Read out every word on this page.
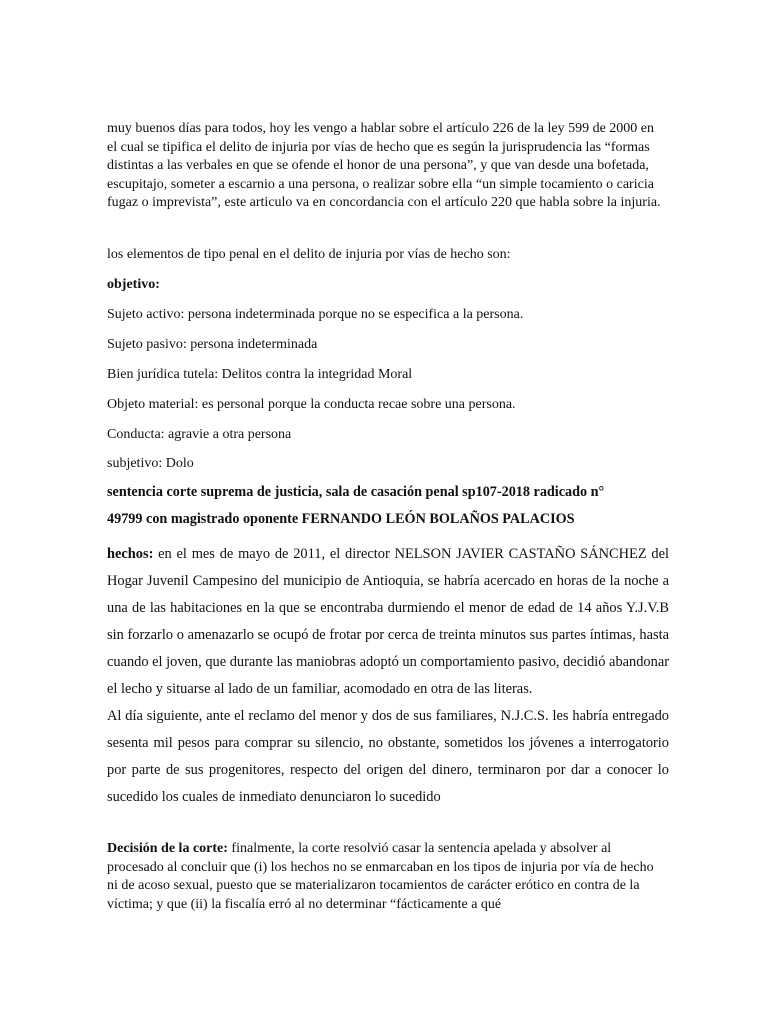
muy buenos días para todos, hoy les vengo a hablar sobre el artículo 226 de la ley 599 de 2000 en el cual se tipifica el delito de injuria por vías de hecho que es según la jurisprudencia las “formas distintas a las verbales en que se ofende el honor de una persona”, y que van desde una bofetada, escupitajo, someter a escarnio a una persona, o realizar sobre ella “un simple tocamiento o caricia fugaz o imprevista”, este articulo va en concordancia con el artículo 220 que habla sobre la injuria.

los elementos de tipo penal en el delito de injuria por vías de hecho son:

objetivo:

Sujeto activo: persona indeterminada porque no se especifica a la persona.

Sujeto pasivo: persona indeterminada

Bien jurídica tutela: Delitos contra la integridad Moral

Objeto material: es personal porque la conducta recae sobre una persona.

Conducta: agravie a otra persona

subjetivo: Dolo

sentencia corte suprema de justicia, sala de casación penal sp107-2018 radicado n°

49799 con magistrado oponente FERNANDO LEÓN BOLAÑOS PALACIOS

hechos: en el mes de mayo de 2011, el director NELSON JAVIER CASTAÑO SÁNCHEZ del Hogar Juvenil Campesino del municipio de Antioquia, se habría acercado en horas de la noche a una de las habitaciones en la que se encontraba durmiendo el menor de edad de 14 años Y.J.V.B sin forzarlo o amenazarlo se ocupó de frotar por cerca de treinta minutos sus partes íntimas, hasta cuando el joven, que durante las maniobras adoptó un comportamiento pasivo, decidió abandonar el lecho y situarse al lado de un familiar, acomodado en otra de las literas.

Al día siguiente, ante el reclamo del menor y dos de sus familiares, N.J.C.S. les habría entregado sesenta mil pesos para comprar su silencio, no obstante, sometidos los jóvenes a interrogatorio por parte de sus progenitores, respecto del origen del dinero, terminaron por dar a conocer lo sucedido los cuales de inmediato denunciaron lo sucedido

Decisión de la corte: finalmente, la corte resolvió casar la sentencia apelada y absolver al procesado al concluir que (i) los hechos no se enmarcaban en los tipos de injuria por vía de hecho ni de acoso sexual, puesto que se materializaron tocamientos de carácter erótico en contra de la víctima; y que (ii) la fiscalía erró al no determinar “fácticamente a qué
